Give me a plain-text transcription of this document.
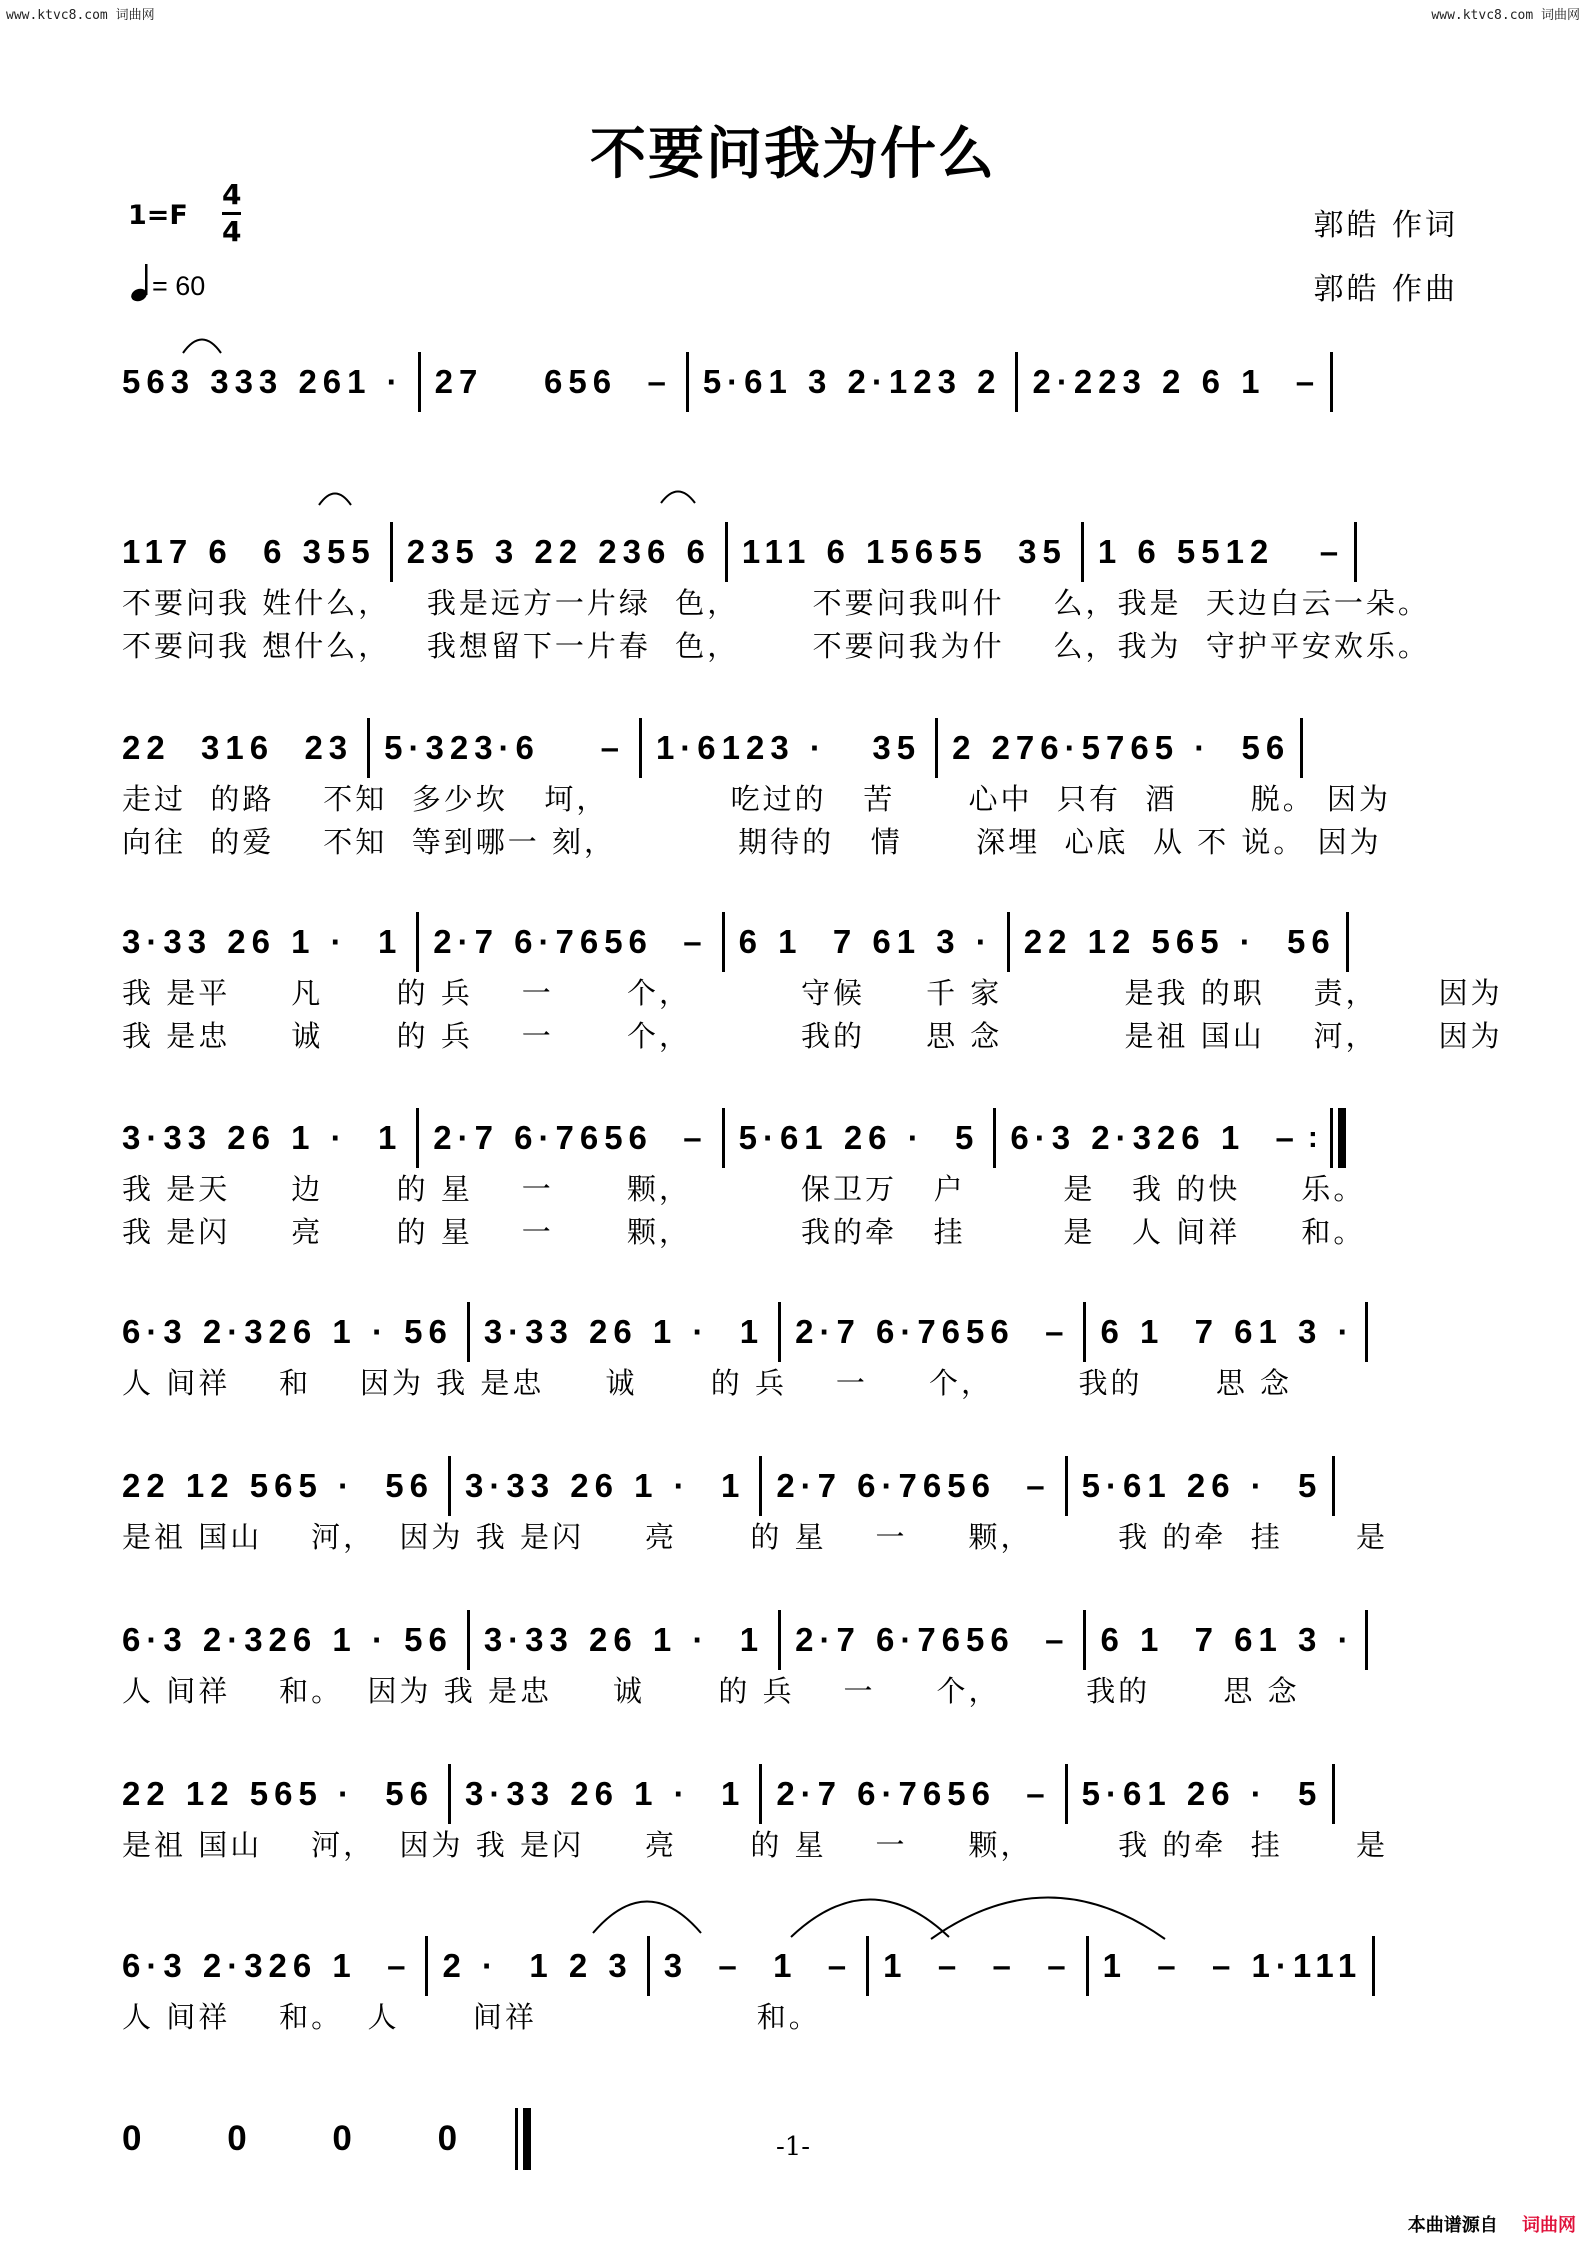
www.ktvc8.com 词曲网	www.ktvc8.com 词曲网
不要问我为什么
1=F
4
4
= 60
郭皓 作词
郭皓 作曲
563 333 261 · 27    656  – 5·61 3 2·123 2 2·223 2 6 1  –
117 6  6 355 235 3 22 236 6 111 6 15655  35 1 6 5512   –
不要问我 姓什么，   我是远方一片绿  色，      不要问我叫什    么，我是  天边白云一朵。
不要问我 想什么，   我想留下一片春  色，      不要问我为什    么，我为  守护平安欢乐。
22  316  23 5·323·6    – 1·6123 ·   35 2 276·5765 ·  56
走过  的路    不知  多少坎   坷，          吃过的   苦      心中  只有  酒      脱。 因为
向往  的爱    不知  等到哪一 刻，          期待的   情      深埋  心底  从 不 说。 因为
3·33 26 1 ·  1 2·7 6·7656  – 6 1  7 61 3 · 22 12 565 ·  56
我 是平     凡      的 兵    一      个，         守候     千 家          是我 的职    责，     因为
我 是忠     诚      的 兵    一      个，         我的     思 念          是祖 国山    河，     因为
3·33 26 1 ·  1 2·7 6·7656  – 5·61 26 ·  5 6·3 2·326 1  – :
我 是天     边      的 星    一      颗，         保卫万   户        是   我 的快     乐。
我 是闪     亮      的 星    一      颗，         我的牵   挂        是   人 间祥     和。
6·3 2·326 1 · 56 3·33 26 1 ·  1 2·7 6·7656  – 6 1  7 61 3 ·
人 间祥    和    因为 我 是忠     诚      的 兵    一     个，       我的      思 念
22 12 565 ·  56 3·33 26 1 ·  1 2·7 6·7656  – 5·61 26 ·  5
是祖 国山    河，  因为 我 是闪     亮      的 星    一     颗，       我 的牵  挂      是
6·3 2·326 1 · 56 3·33 26 1 ·  1 2·7 6·7656  – 6 1  7 61 3 ·
人 间祥    和。  因为 我 是忠     诚      的 兵    一     个，       我的      思 念
22 12 565 ·  56 3·33 26 1 ·  1 2·7 6·7656  – 5·61 26 ·  5
是祖 国山    河，  因为 我 是闪     亮      的 星    一     颗，       我 的牵  挂      是
6·3 2·326 1  – 2 ·  1 2 3 3  –  1  – 1  –  –  – 1  –  – 1·111
人 间祥    和。  人      间祥                  和。
0 0 0 0	-1-
本曲谱源自 词曲网
